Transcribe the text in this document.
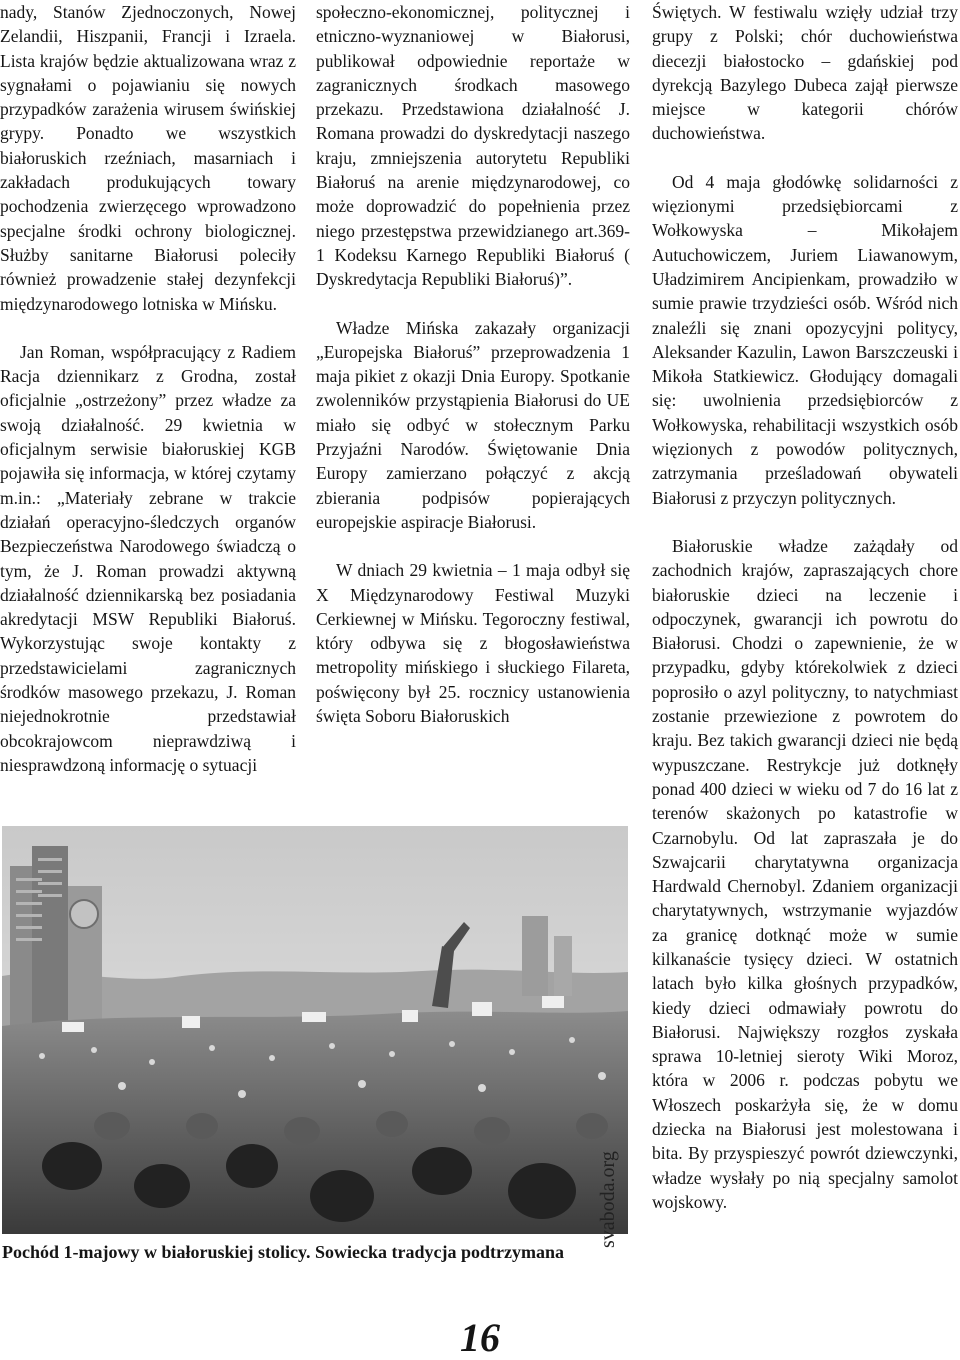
nady, Stanów Zjednoczonych, Nowej Zelandii, Hiszpanii, Francji i Izraela. Lista krajów będzie aktualizowana wraz z sygnałami o pojawianiu się nowych przypadków zarażenia wirusem świńskiej grypy. Ponadto we wszystkich białoruskich rzeźniach, masarniach i zakładach produkujących towary pochodzenia zwierzęcego wprowadzono specjalne środki ochrony biologicznej. Służby sanitarne Białorusi poleciły również prowadzenie stałej dezynfekcji międzynarodowego lotniska w Mińsku.

Jan Roman, współpracujący z Radiem Racja dziennikarz z Grodna, został oficjalnie „ostrzeżony” przez władze za swoją działalność. 29 kwietnia w oficjalnym serwisie białoruskiej KGB pojawiła się informacja, w której czytamy m.in.: „Materiały zebrane w trakcie działań operacyjno-śledczych organów Bezpieczeństwa Narodowego świadczą o tym, że J. Roman prowadzi aktywną działalność dziennikarską bez posiadania akredytacji MSW Republiki Białoruś. Wykorzystując swoje kontakty z przedstawicielami zagranicznych środków masowego przekazu, J. Roman niejednokrotnie przedstawiał obcokrajowcom nieprawdziwą i niesprawdzoną informację o sytuacji

społeczno-ekonomicznej, politycznej i etniczno-wyznaniowej w Białorusi, publikował odpowiednie reportaże w zagranicznych środkach masowego przekazu. Przedstawiona działalność J. Romana prowadzi do dyskredytacji naszego kraju, zmniejszenia autorytetu Republiki Białoruś na arenie międzynarodowej, co może doprowadzić do popełnienia przez niego przestępstwa przewidzianego art.369-1 Kodeksu Karnego Republiki Białoruś ( Dyskredytacja Republiki Białoruś)”.

Władze Mińska zakazały organizacji „Europejska Białoruś” przeprowadzenia 1 maja pikiet z okazji Dnia Europy. Spotkanie zwolenników przystąpienia Białorusi do UE miało się odbyć w stołecznym Parku Przyjaźni Narodów. Świętowanie Dnia Europy zamierzano połączyć z akcją zbierania podpisów popierających europejskie aspiracje Białorusi.

W dniach 29 kwietnia – 1 maja odbył się X Międzynarodowy Festiwal Muzyki Cerkiewnej w Mińsku. Tegoroczny festiwal, który odbywa się z błogosławieństwa metropolity mińskiego i słuckiego Filareta, poświęcony był 25. rocznicy ustanowienia święta Soboru Białoruskich

Świętych. W festiwalu wzięły udział trzy grupy z Polski; chór duchowieństwa diecezji białostocko – gdańskiej pod dyrekcją Bazylego Dubeca zajął pierwsze miejsce w kategorii chórów duchowieństwa.

Od 4 maja głodówkę solidarności z więzionymi przedsiębiorcami z Wołkowyska – Mikołajem Autuchowiczem, Juriem Liawanowym, Uładzimirem Ancipienkam, prowadziło w sumie prawie trzydzieści osób. Wśród nich znaleźli się znani opozycyjni politycy, Aleksander Kazulin, Lawon Barszczeuski i Mikoła Statkiewicz. Głodujący domagali się: uwolnienia przedsiębiorców z Wołkowyska, rehabilitacji wszystkich osób więzionych z powodów politycznych, zatrzymania prześladowań obywateli Białorusi z przyczyn politycznych.

Białoruskie władze zażądały od zachodnich krajów, zapraszających chore białoruskie dzieci na leczenie i odpoczynek, gwarancji ich powrotu do Białorusi. Chodzi o zapewnienie, że w przypadku, gdyby którekolwiek z dzieci poprosiło o azyl polityczny, to natychmiast zostanie przewiezione z powrotem do kraju. Bez takich gwarancji dzieci nie będą wypuszczane. Restrykcje już dotknęły ponad 400 dzieci w wieku od 7 do 16 lat z terenów skażonych po katastrofie w Czarnobylu. Od lat zapraszała je do Szwajcarii charytatywna organizacja Hardwald Chernobyl. Zdaniem organizacji charytatywnych, wstrzymanie wyjazdów za granicę dotknąć może w sumie kilkanaście tysięcy dzieci. W ostatnich latach było kilka głośnych przypadków, kiedy dzieci odmawiały powrotu do Białorusi. Największy rozgłos zyskała sprawa 10-letniej sieroty Wiki Moroz, która w 2006 r. podczas pobytu we Włoszech poskarżyła się, że w domu dziecka na Białorusi jest molestowana i bita. By przyspieszyć powrót dziewczynki, władze wysłały po nią specjalny samolot wojskowy.

svaboda.org

Pochód 1-majowy w białoruskiej stolicy. Sowiecka tradycja podtrzymana

16
